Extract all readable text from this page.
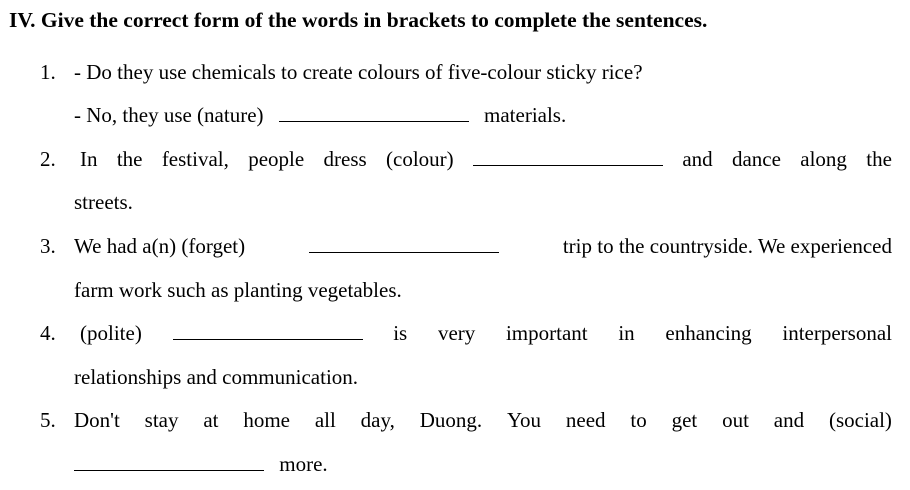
IV. Give the correct form of the words in brackets to complete the sentences.
1. - Do they use chemicals to create colours of five-colour sticky rice?
- No, they use (nature)	materials.
2. In the festival, people dress (colour)	and dance along the
streets.
3. We had a(n) (forget)	trip to the countryside. We experienced
farm work such as planting vegetables.
4. (polite)	is very important in enhancing interpersonal
relationships and communication.
5. Don't stay at home all day, Duong. You need to get out and (social)
more.
